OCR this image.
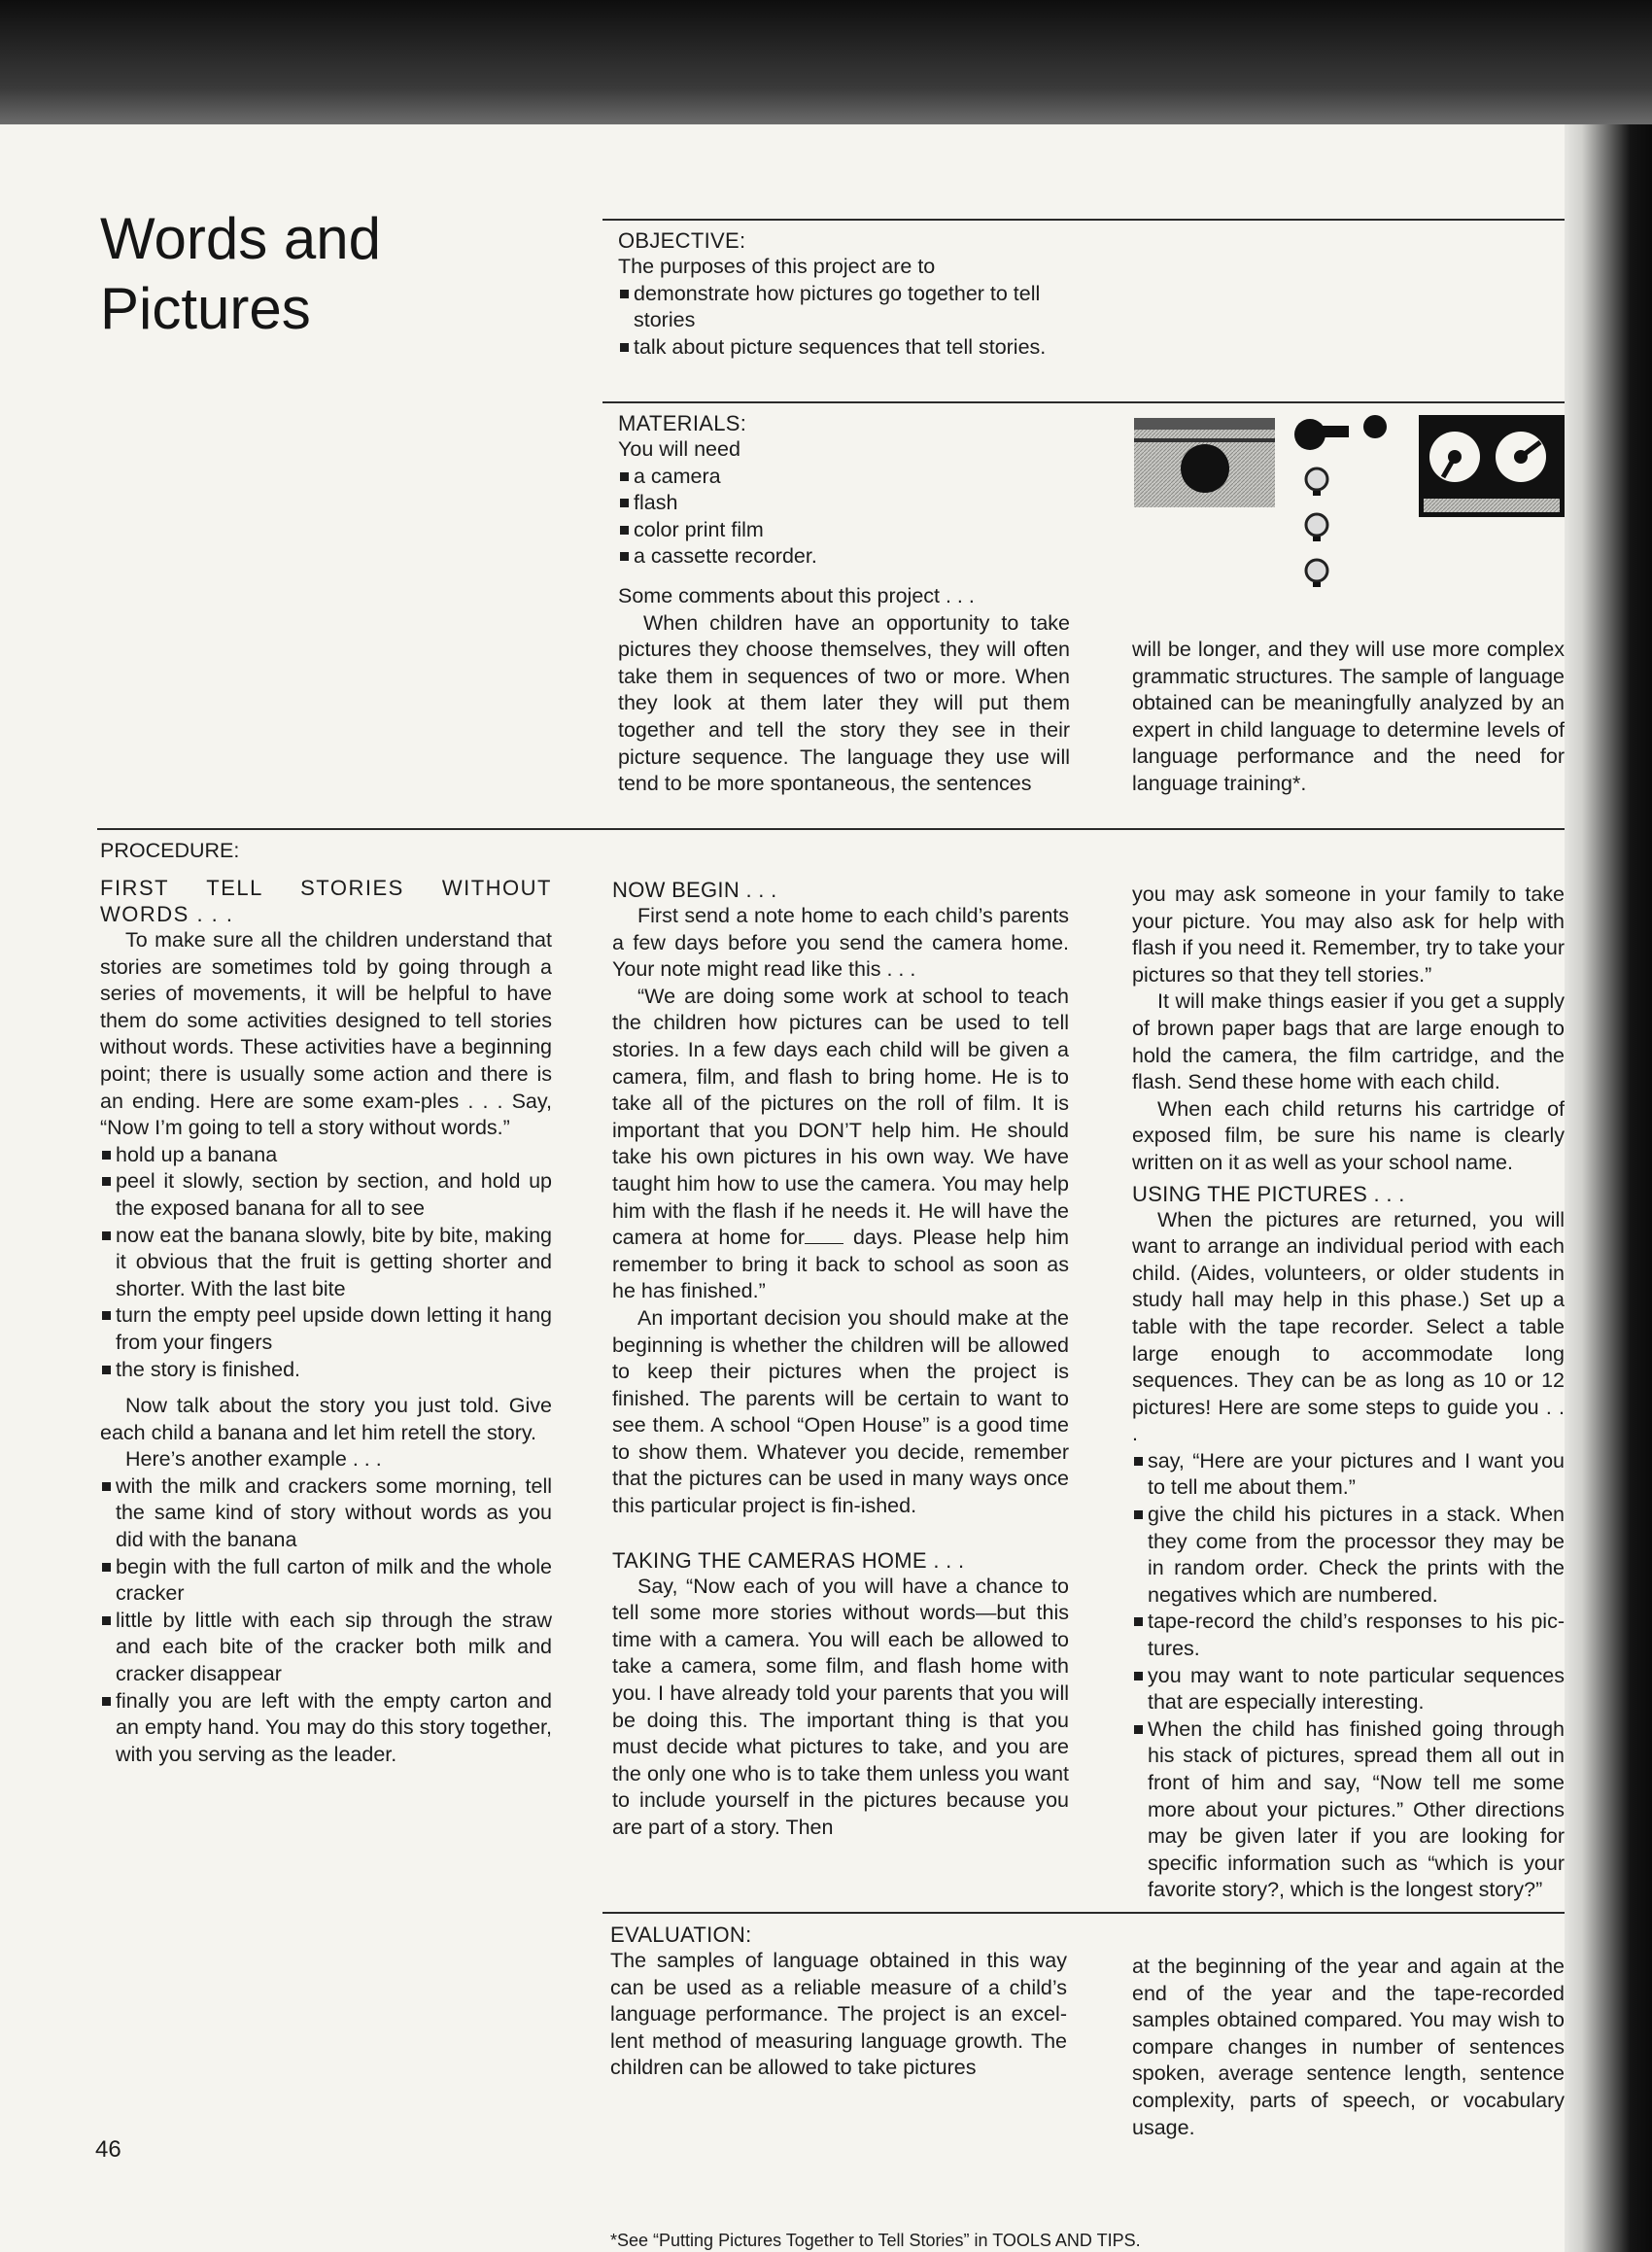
Words and
Pictures

OBJECTIVE:

The purposes of this project are to

demonstrate how pictures go together to tell stories
talk about picture sequences that tell stories.

MATERIALS:

You will need

a camera
flash
color print film
a cassette recorder.

Some comments about this project . . .

When children have an opportunity to take pictures they choose themselves, they will often take them in sequences of two or more. When they look at them later they will put them together and tell the story they see in their picture sequence. The language they use will tend to be more spontaneous, the sentences

will be longer, and they will use more complex grammatic structures. The sample of language obtained can be meaningfully analyzed by an expert in child language to determine levels of language performance and the need for language training*.

PROCEDURE:

FIRST TELL STORIES WITHOUT WORDS . . .

To make sure all the children understand that stories are sometimes told by going through a series of movements, it will be helpful to have them do some activities designed to tell stories without words. These activities have a beginning point; there is usually some action and there is an ending. Here are some exam-ples . . . Say, “Now I’m going to tell a story without words.”

hold up a banana
peel it slowly, section by section, and hold up the exposed banana for all to see
now eat the banana slowly, bite by bite, making it obvious that the fruit is getting shorter and shorter. With the last bite
turn the empty peel upside down letting it hang from your fingers
the story is finished.

Now talk about the story you just told. Give each child a banana and let him retell the story.

Here’s another example . . .

with the milk and crackers some morning, tell the same kind of story without words as you did with the banana
begin with the full carton of milk and the whole cracker
little by little with each sip through the straw and each bite of the cracker both milk and cracker disappear
finally you are left with the empty carton and an empty hand. You may do this story together, with you serving as the leader.

NOW BEGIN . . .

First send a note home to each child’s parents a few days before you send the camera home. Your note might read like this . . .

“We are doing some work at school to teach the children how pictures can be used to tell stories. In a few days each child will be given a camera, film, and flash to bring home. He is to take all of the pictures on the roll of film. It is important that you DON’T help him. He should take his own pictures in his own way. We have taught him how to use the camera. You may help him with the flash if he needs it. He will have the camera at home for days. Please help him remember to bring it back to school as soon as he has finished.”

An important decision you should make at the beginning is whether the children will be allowed to keep their pictures when the project is finished. The parents will be certain to want to see them. A school “Open House” is a good time to show them. Whatever you decide, remember that the pictures can be used in many ways once this particular project is fin-ished.

TAKING THE CAMERAS HOME . . .

Say, “Now each of you will have a chance to tell some more stories without words—but this time with a camera. You will each be allowed to take a camera, some film, and flash home with you. I have already told your parents that you will be doing this. The important thing is that you must decide what pictures to take, and you are the only one who is to take them unless you want to include yourself in the pictures because you are part of a story. Then

you may ask someone in your family to take your picture. You may also ask for help with flash if you need it. Remember, try to take your pictures so that they tell stories.”

It will make things easier if you get a supply of brown paper bags that are large enough to hold the camera, the film cartridge, and the flash. Send these home with each child.

When each child returns his cartridge of exposed film, be sure his name is clearly written on it as well as your school name.

USING THE PICTURES . . .

When the pictures are returned, you will want to arrange an individual period with each child. (Aides, volunteers, or older students in study hall may help in this phase.) Set up a table with the tape recorder. Select a table large enough to accommodate long sequences. They can be as long as 10 or 12 pictures! Here are some steps to guide you . . .

say, “Here are your pictures and I want you to tell me about them.”
give the child his pictures in a stack. When they come from the processor they may be in random order. Check the prints with the negatives which are numbered.
tape-record the child’s responses to his pic-tures.
you may want to note particular sequences that are especially interesting.
When the child has finished going through his stack of pictures, spread them all out in front of him and say, “Now tell me some more about your pictures.” Other directions may be given later if you are looking for specific information such as “which is your favorite story?, which is the longest story?”

EVALUATION:

The samples of language obtained in this way can be used as a reliable measure of a child’s language performance. The project is an excel-lent method of measuring language growth. The children can be allowed to take pictures

at the beginning of the year and again at the end of the year and the tape-recorded samples obtained compared. You may wish to compare changes in number of sentences spoken, average sentence length, sentence complexity, parts of speech, or vocabulary usage.

46
*See “Putting Pictures Together to Tell Stories” in TOOLS AND TIPS.
